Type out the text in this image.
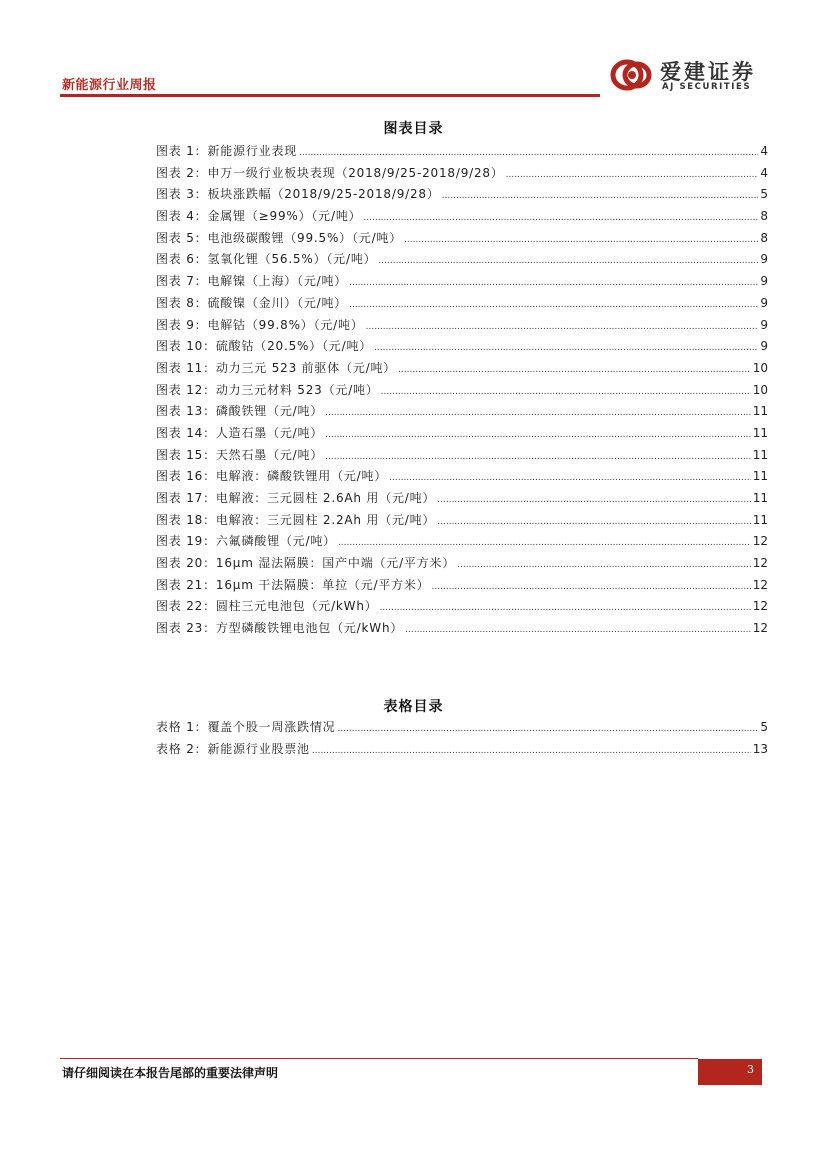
新能源行业周报
爱建证券
AJ SECURITIES
图表目录
图表 1：新能源行业表现 .....	4
图表 2：申万一级行业板块表现（2018/9/25-2018/9/28） .....	4
图表 3：板块涨跌幅（2018/9/25-2018/9/28） .....	5
图表 4：金属锂（≥99%）（元/吨） .....	8
图表 5：电池级碳酸锂（99.5%）（元/吨） .....	8
图表 6：氢氧化锂（56.5%）（元/吨） .....	9
图表 7：电解镍（上海）（元/吨） .....	9
图表 8：硫酸镍（金川）（元/吨） .....	9
图表 9：电解钴（99.8%）（元/吨） .....	9
图表 10：硫酸钴（20.5%）（元/吨） .....	9
图表 11：动力三元 523 前驱体（元/吨） .....	10
图表 12：动力三元材料 523（元/吨） .....	10
图表 13：磷酸铁锂（元/吨） .....	11
图表 14：人造石墨（元/吨） .....	11
图表 15：天然石墨（元/吨） .....	11
图表 16：电解液：磷酸铁锂用（元/吨） .....	11
图表 17：电解液：三元圆柱 2.6Ah 用（元/吨） .....	11
图表 18：电解液：三元圆柱 2.2Ah 用（元/吨） .....	11
图表 19：六氟磷酸锂（元/吨） .....	12
图表 20：16μm 湿法隔膜：国产中端（元/平方米） .....	12
图表 21：16μm 干法隔膜：单拉（元/平方米） .....	12
图表 22：圆柱三元电池包（元/kWh） .....	12
图表 23：方型磷酸铁锂电池包（元/kWh） .....	12
表格目录
表格 1：覆盖个股一周涨跌情况 .....	5
表格 2：新能源行业股票池 .....	13
请仔细阅读在本报告尾部的重要法律声明	3
